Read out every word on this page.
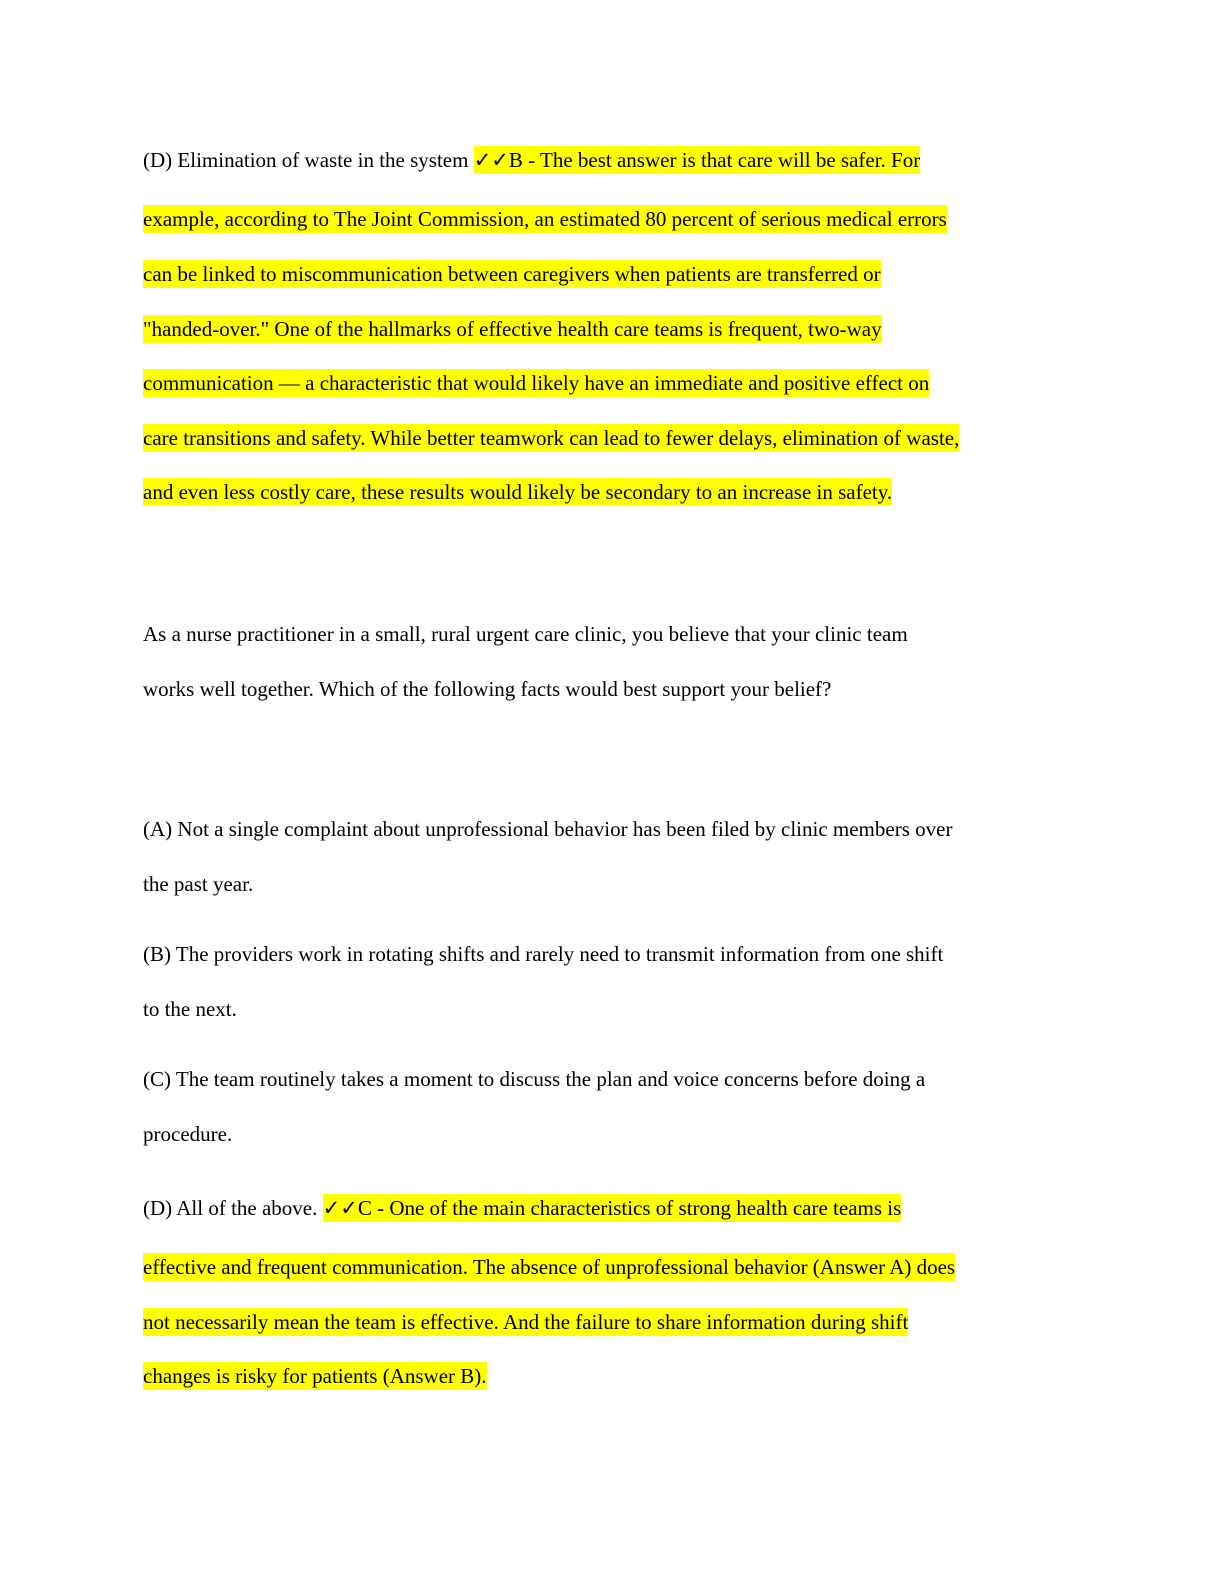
(D) Elimination of waste in the system ✓✓B - The best answer is that care will be safer. For

example, according to The Joint Commission, an estimated 80 percent of serious medical errors

can be linked to miscommunication between caregivers when patients are transferred or

"handed-over." One of the hallmarks of effective health care teams is frequent, two-way

communication — a characteristic that would likely have an immediate and positive effect on

care transitions and safety. While better teamwork can lead to fewer delays, elimination of waste,

and even less costly care, these results would likely be secondary to an increase in safety.

As a nurse practitioner in a small, rural urgent care clinic, you believe that your clinic team

works well together. Which of the following facts would best support your belief?

(A) Not a single complaint about unprofessional behavior has been filed by clinic members over

the past year.

(B) The providers work in rotating shifts and rarely need to transmit information from one shift

to the next.

(C) The team routinely takes a moment to discuss the plan and voice concerns before doing a

procedure.

(D) All of the above. ✓✓C - One of the main characteristics of strong health care teams is

effective and frequent communication. The absence of unprofessional behavior (Answer A) does

not necessarily mean the team is effective. And the failure to share information during shift

changes is risky for patients (Answer B).
